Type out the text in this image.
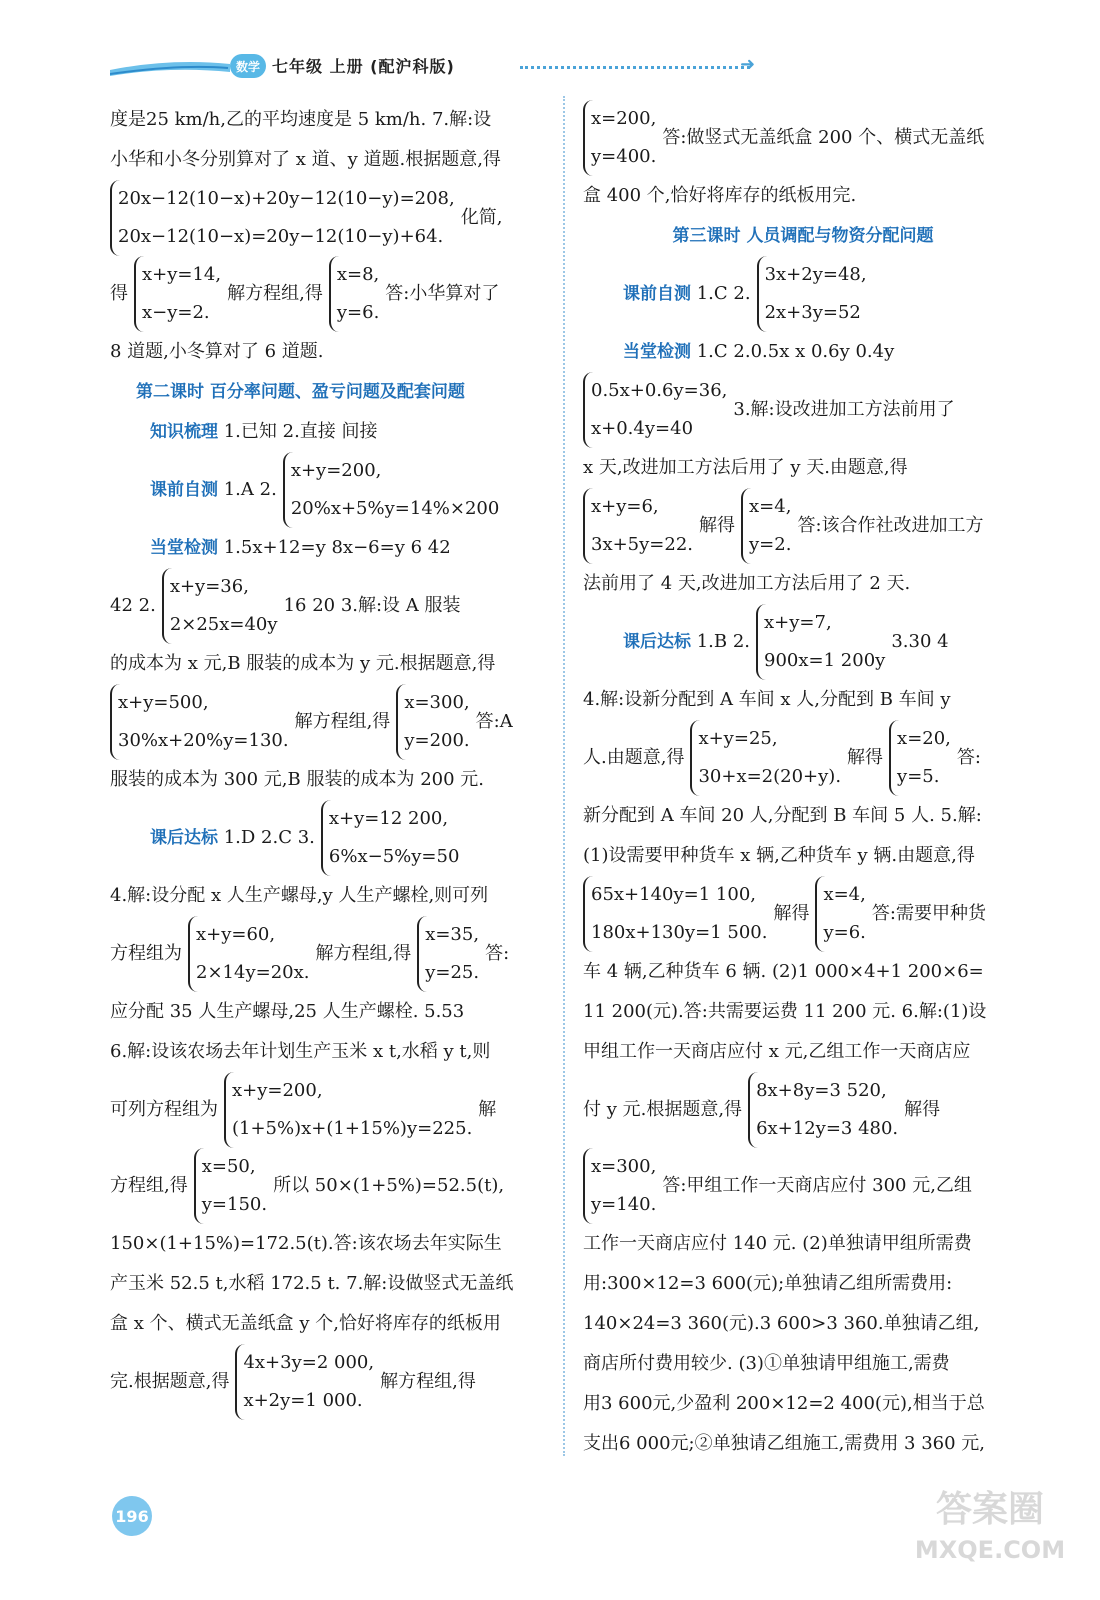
数学 七年级 上册 (配沪科版)	➜
度是25 km/h,乙的平均速度是 5 km/h. 7.解:设
小华和小冬分别算对了 x 道、y 道题.根据题意,得
20x−12(10−x)+20y−12(10−y)=208,
20x−12(10−x)=20y−12(10−y)+64.
化简,
得
x+y=14,
x−y=2.
解方程组,得
x=8,
y=6.
答:小华算对了
8 道题,小冬算对了 6 道题.
第二课时 百分率问题、盈亏问题及配套问题
知识梳理 1.已知 2.直接 间接
课前自测
1.A 2.
x+y=200,
20%x+5%y=14%×200
当堂检测 1.5x+12=y 8x−6=y 6 42
42 2.
x+y=36,
2×25x=40y
16 20 3.解:设 A 服装
的成本为 x 元,B 服装的成本为 y 元.根据题意,得
x+y=500,
30%x+20%y=130.
解方程组,得
x=300,
y=200.
答:A
服装的成本为 300 元,B 服装的成本为 200 元.
课后达标
1.D 2.C 3.
x+y=12 200,
6%x−5%y=50
4.解:设分配 x 人生产螺母,y 人生产螺栓,则可列
方程组为
x+y=60,
2×14y=20x.
解方程组,得
x=35,
y=25.
答:
应分配 35 人生产螺母,25 人生产螺栓. 5.53
6.解:设该农场去年计划生产玉米 x t,水稻 y t,则
可列方程组为
x+y=200,
(1+5%)x+(1+15%)y=225.
解
方程组,得
x=50,
y=150.
所以 50×(1+5%)=52.5(t),
150×(1+15%)=172.5(t).答:该农场去年实际生
产玉米 52.5 t,水稻 172.5 t. 7.解:设做竖式无盖纸
盒 x 个、横式无盖纸盒 y 个,恰好将库存的纸板用
完.根据题意,得
4x+3y=2 000,
x+2y=1 000.
解方程组,得
x=200,
y=400.
答:做竖式无盖纸盒 200 个、横式无盖纸
盒 400 个,恰好将库存的纸板用完.
第三课时 人员调配与物资分配问题
课前自测
1.C 2.
3x+2y=48,
2x+3y=52
当堂检测 1.C 2.0.5x x 0.6y 0.4y
0.5x+0.6y=36,
x+0.4y=40
3.解:设改进加工方法前用了
x 天,改进加工方法后用了 y 天.由题意,得
x+y=6,
3x+5y=22.
解得
x=4,
y=2.
答:该合作社改进加工方
法前用了 4 天,改进加工方法后用了 2 天.
课后达标
1.B 2.
x+y=7,
900x=1 200y
3.30 4
4.解:设新分配到 A 车间 x 人,分配到 B 车间 y
人.由题意,得
x+y=25,
30+x=2(20+y).
解得
x=20,
y=5.
答:
新分配到 A 车间 20 人,分配到 B 车间 5 人. 5.解:
(1)设需要甲种货车 x 辆,乙种货车 y 辆.由题意,得
65x+140y=1 100,
180x+130y=1 500.
解得
x=4,
y=6.
答:需要甲种货
车 4 辆,乙种货车 6 辆. (2)1 000×4+1 200×6=
11 200(元).答:共需要运费 11 200 元. 6.解:(1)设
甲组工作一天商店应付 x 元,乙组工作一天商店应
付 y 元.根据题意,得
8x+8y=3 520,
6x+12y=3 480.
解得
x=300,
y=140.
答:甲组工作一天商店应付 300 元,乙组
工作一天商店应付 140 元. (2)单独请甲组所需费
用:300×12=3 600(元);单独请乙组所需费用:
140×24=3 360(元).3 600>3 360.单独请乙组,
商店所付费用较少. (3)①单独请甲组施工,需费
用3 600元,少盈利 200×12=2 400(元),相当于总
支出6 000元;②单独请乙组施工,需费用 3 360 元,
196	答案圈
MXQE.COM
